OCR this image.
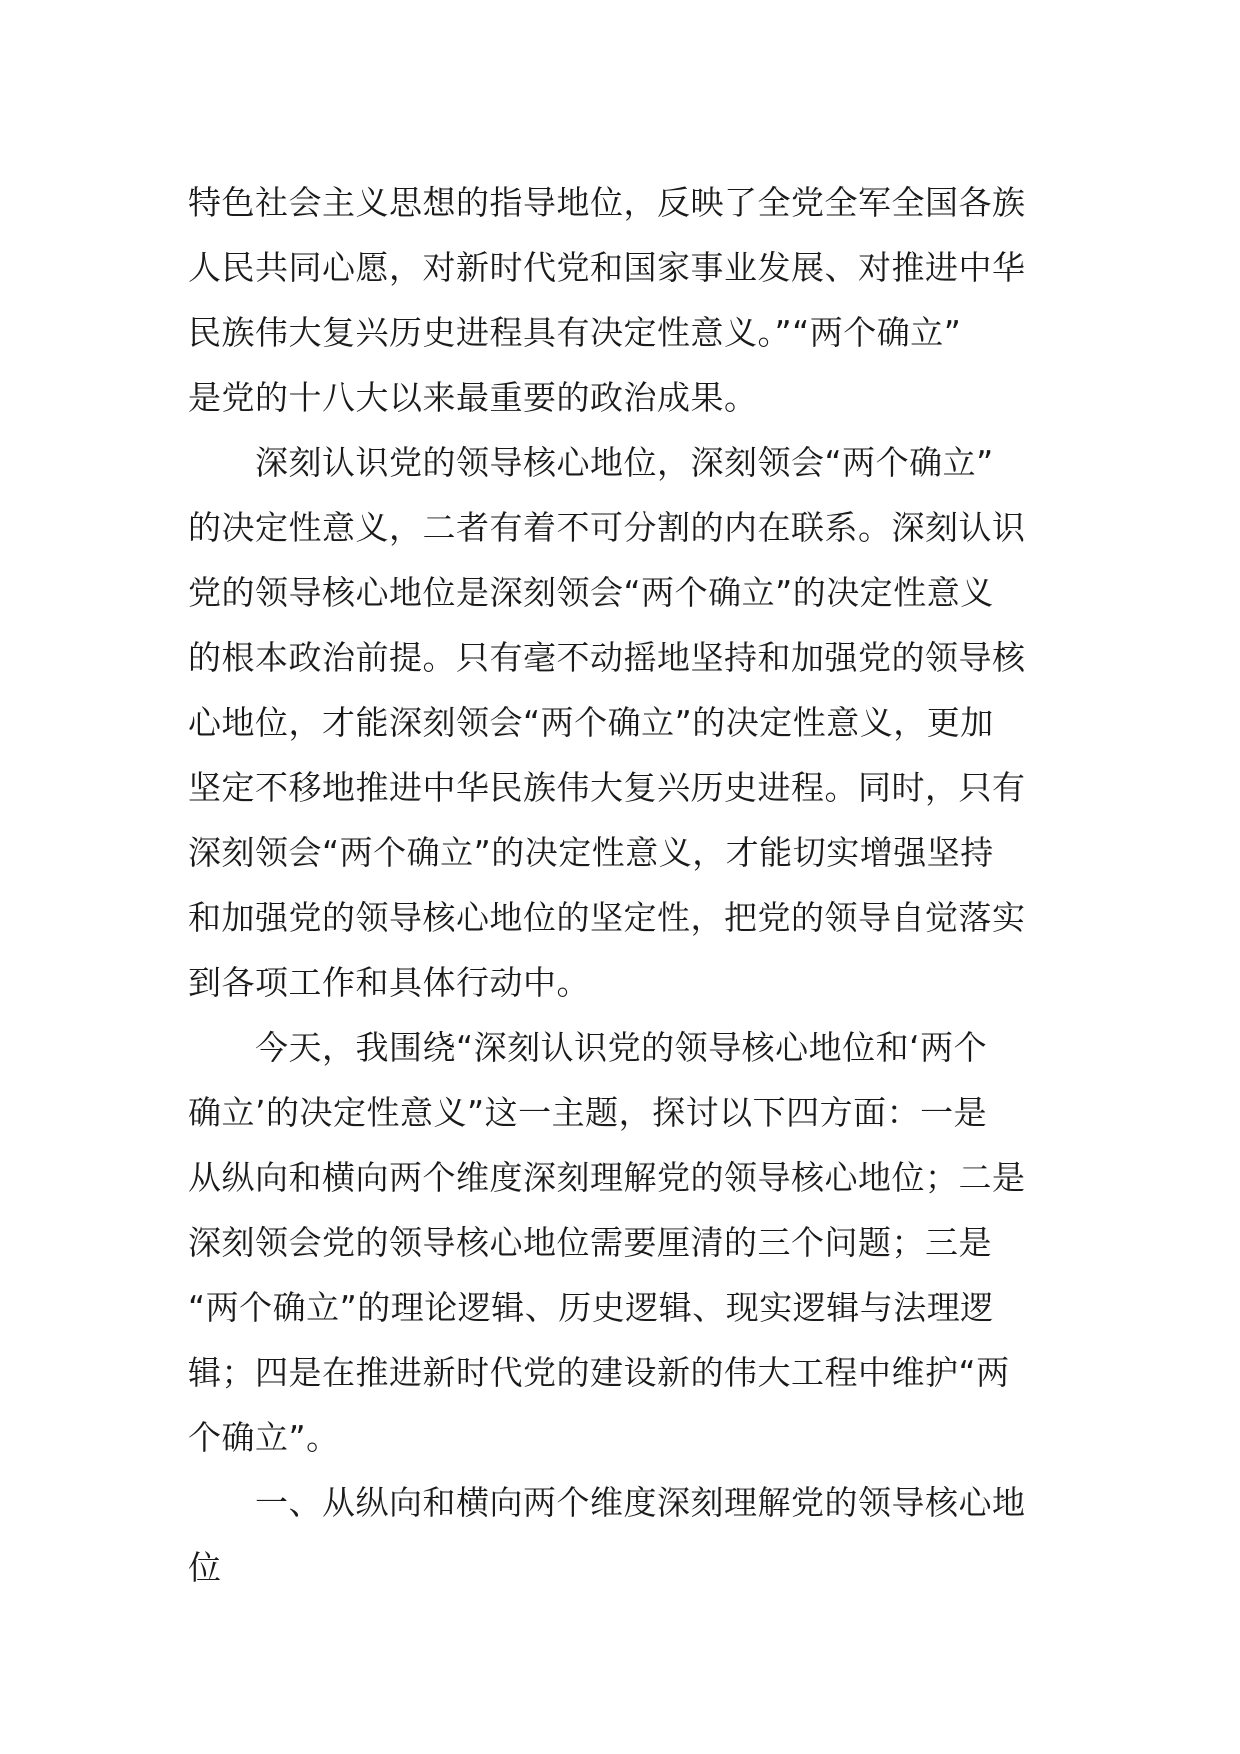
特色社会主义思想的指导地位，反映了全党全军全国各族
人民共同心愿，对新时代党和国家事业发展、对推进中华
民族伟大复兴历史进程具有决定性意义。”“两个确立”
是党的十八大以来最重要的政治成果。
　　深刻认识党的领导核心地位，深刻领会“两个确立”
的决定性意义，二者有着不可分割的内在联系。深刻认识
党的领导核心地位是深刻领会“两个确立”的决定性意义
的根本政治前提。只有毫不动摇地坚持和加强党的领导核
心地位，才能深刻领会“两个确立”的决定性意义，更加
坚定不移地推进中华民族伟大复兴历史进程。同时，只有
深刻领会“两个确立”的决定性意义，才能切实增强坚持
和加强党的领导核心地位的坚定性，把党的领导自觉落实
到各项工作和具体行动中。
　　今天，我围绕“深刻认识党的领导核心地位和‘两个
确立’的决定性意义”这一主题，探讨以下四方面：一是
从纵向和横向两个维度深刻理解党的领导核心地位；二是
深刻领会党的领导核心地位需要厘清的三个问题；三是
“两个确立”的理论逻辑、历史逻辑、现实逻辑与法理逻
辑；四是在推进新时代党的建设新的伟大工程中维护“两
个确立”。
　　一、从纵向和横向两个维度深刻理解党的领导核心地
位
